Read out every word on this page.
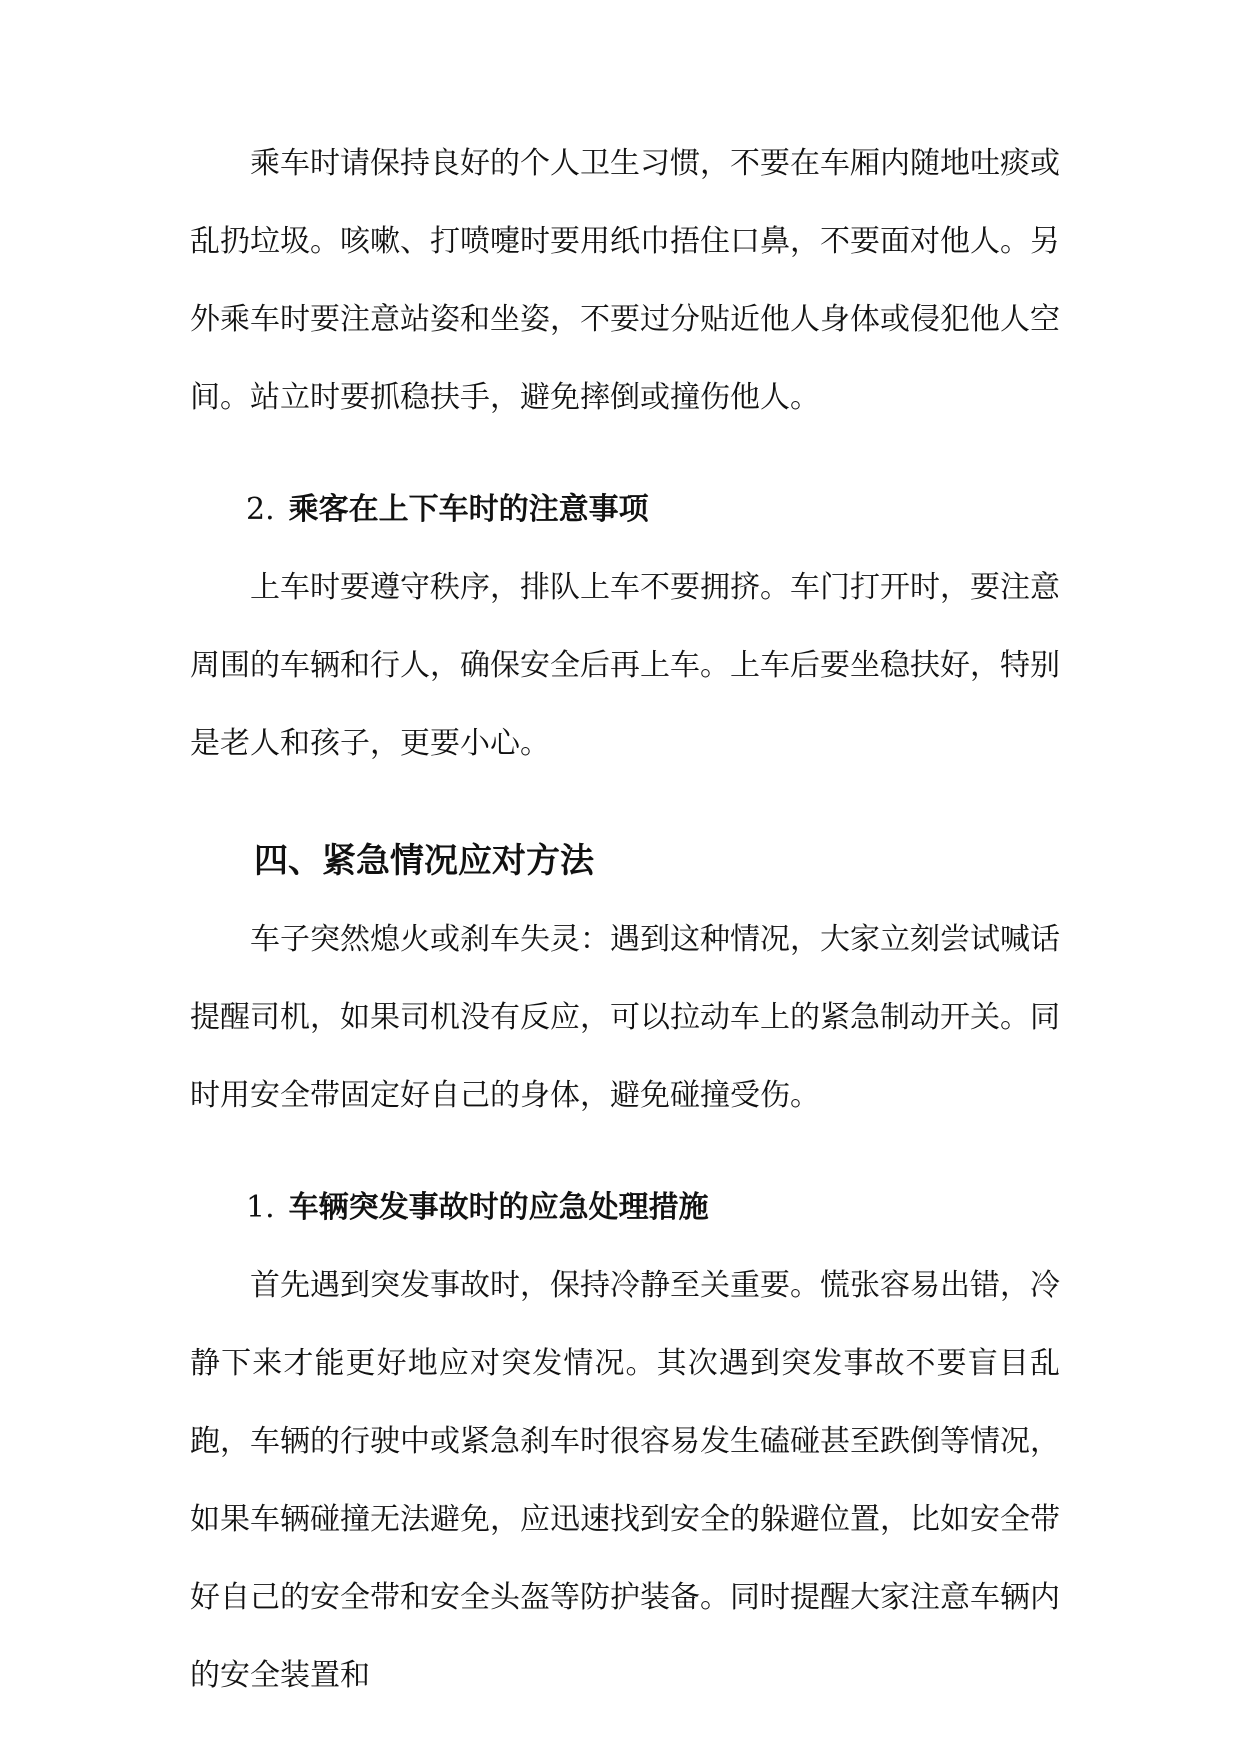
乘车时请保持良好的个人卫生习惯，不要在车厢内随地吐痰或乱扔垃圾。咳嗽、打喷嚏时要用纸巾捂住口鼻，不要面对他人。另外乘车时要注意站姿和坐姿，不要过分贴近他人身体或侵犯他人空间。站立时要抓稳扶手，避免摔倒或撞伤他人。

2. 乘客在上下车时的注意事项

上车时要遵守秩序，排队上车不要拥挤。车门打开时，要注意周围的车辆和行人，确保安全后再上车。上车后要坐稳扶好，特别是老人和孩子，更要小心。

四、紧急情况应对方法

车子突然熄火或刹车失灵：遇到这种情况，大家立刻尝试喊话提醒司机，如果司机没有反应，可以拉动车上的紧急制动开关。同时用安全带固定好自己的身体，避免碰撞受伤。

1. 车辆突发事故时的应急处理措施

首先遇到突发事故时，保持冷静至关重要。慌张容易出错，冷静下来才能更好地应对突发情况。其次遇到突发事故不要盲目乱跑，车辆的行驶中或紧急刹车时很容易发生磕碰甚至跌倒等情况，如果车辆碰撞无法避免，应迅速找到安全的躲避位置，比如安全带好自己的安全带和安全头盔等防护装备。同时提醒大家注意车辆内的安全装置和
